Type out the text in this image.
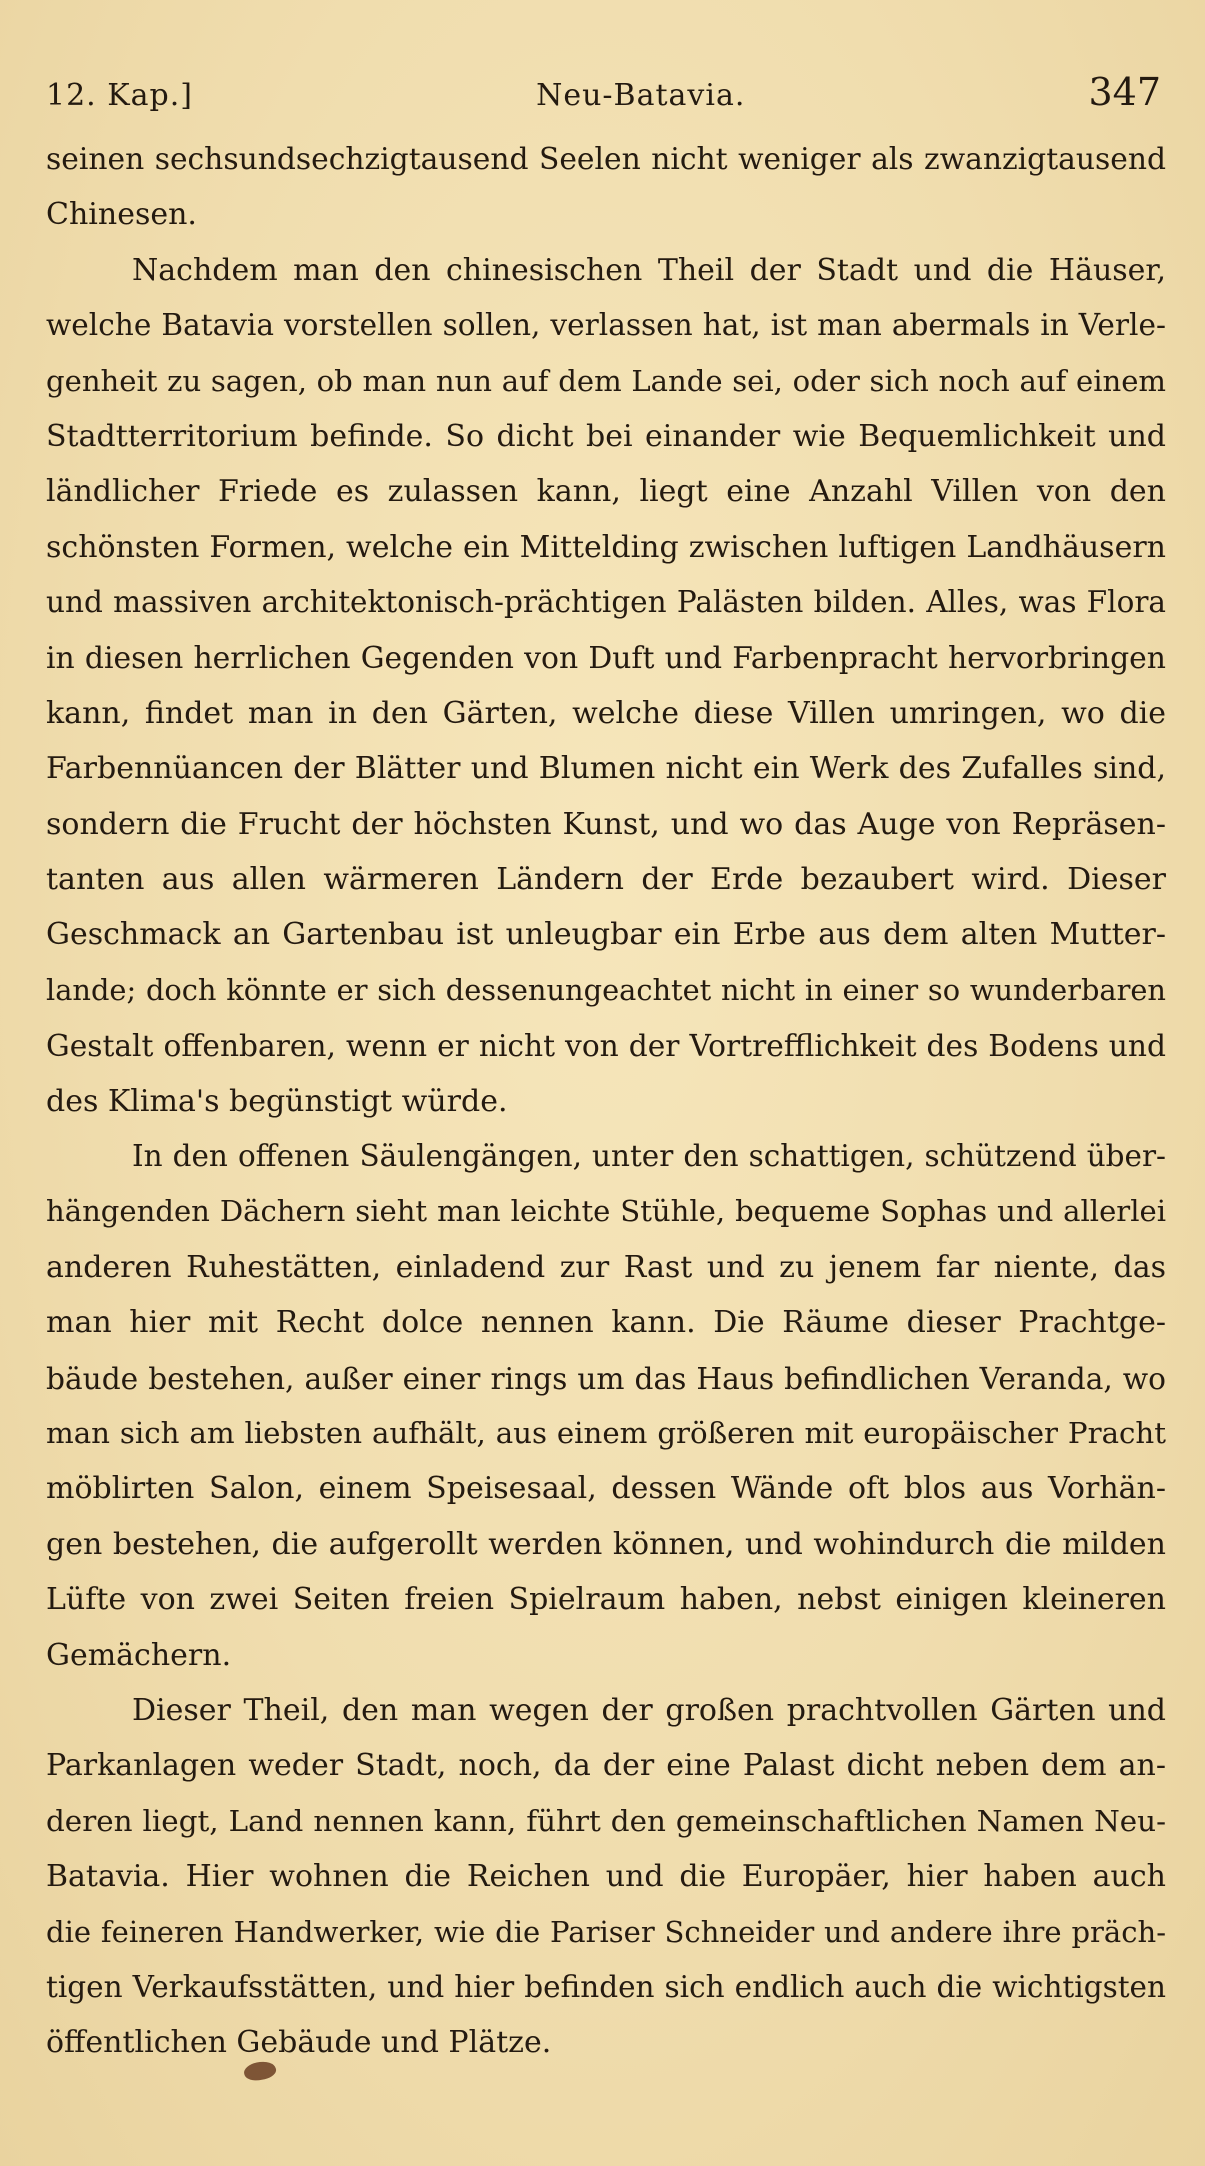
12. Kap.]	Neu-Batavia.	347
seinen sechsundsechzigtausend Seelen nicht weniger als zwanzigtausend
Chinesen.
Nachdem man den chinesischen Theil der Stadt und die Häuser,
welche Batavia vorstellen sollen, verlassen hat, ist man abermals in Verle-
genheit zu sagen, ob man nun auf dem Lande sei, oder sich noch auf einem
Stadtterritorium befinde. So dicht bei einander wie Bequemlichkeit und
ländlicher Friede es zulassen kann, liegt eine Anzahl Villen von den
schönsten Formen, welche ein Mittelding zwischen luftigen Landhäusern
und massiven architektonisch-prächtigen Palästen bilden. Alles, was Flora
in diesen herrlichen Gegenden von Duft und Farbenpracht hervorbringen
kann, findet man in den Gärten, welche diese Villen umringen, wo die
Farbennüancen der Blätter und Blumen nicht ein Werk des Zufalles sind,
sondern die Frucht der höchsten Kunst, und wo das Auge von Repräsen-
tanten aus allen wärmeren Ländern der Erde bezaubert wird. Dieser
Geschmack an Gartenbau ist unleugbar ein Erbe aus dem alten Mutter-
lande; doch könnte er sich dessenungeachtet nicht in einer so wunderbaren
Gestalt offenbaren, wenn er nicht von der Vortrefflichkeit des Bodens und
des Klima's begünstigt würde.
In den offenen Säulengängen, unter den schattigen, schützend über-
hängenden Dächern sieht man leichte Stühle, bequeme Sophas und allerlei
anderen Ruhestätten, einladend zur Rast und zu jenem far niente, das
man hier mit Recht dolce nennen kann. Die Räume dieser Prachtge-
bäude bestehen, außer einer rings um das Haus befindlichen Veranda, wo
man sich am liebsten aufhält, aus einem größeren mit europäischer Pracht
möblirten Salon, einem Speisesaal, dessen Wände oft blos aus Vorhän-
gen bestehen, die aufgerollt werden können, und wohindurch die milden
Lüfte von zwei Seiten freien Spielraum haben, nebst einigen kleineren
Gemächern.
Dieser Theil, den man wegen der großen prachtvollen Gärten und
Parkanlagen weder Stadt, noch, da der eine Palast dicht neben dem an-
deren liegt, Land nennen kann, führt den gemeinschaftlichen Namen Neu-
Batavia. Hier wohnen die Reichen und die Europäer, hier haben auch
die feineren Handwerker, wie die Pariser Schneider und andere ihre präch-
tigen Verkaufsstätten, und hier befinden sich endlich auch die wichtigsten
öffentlichen Gebäude und Plätze.
